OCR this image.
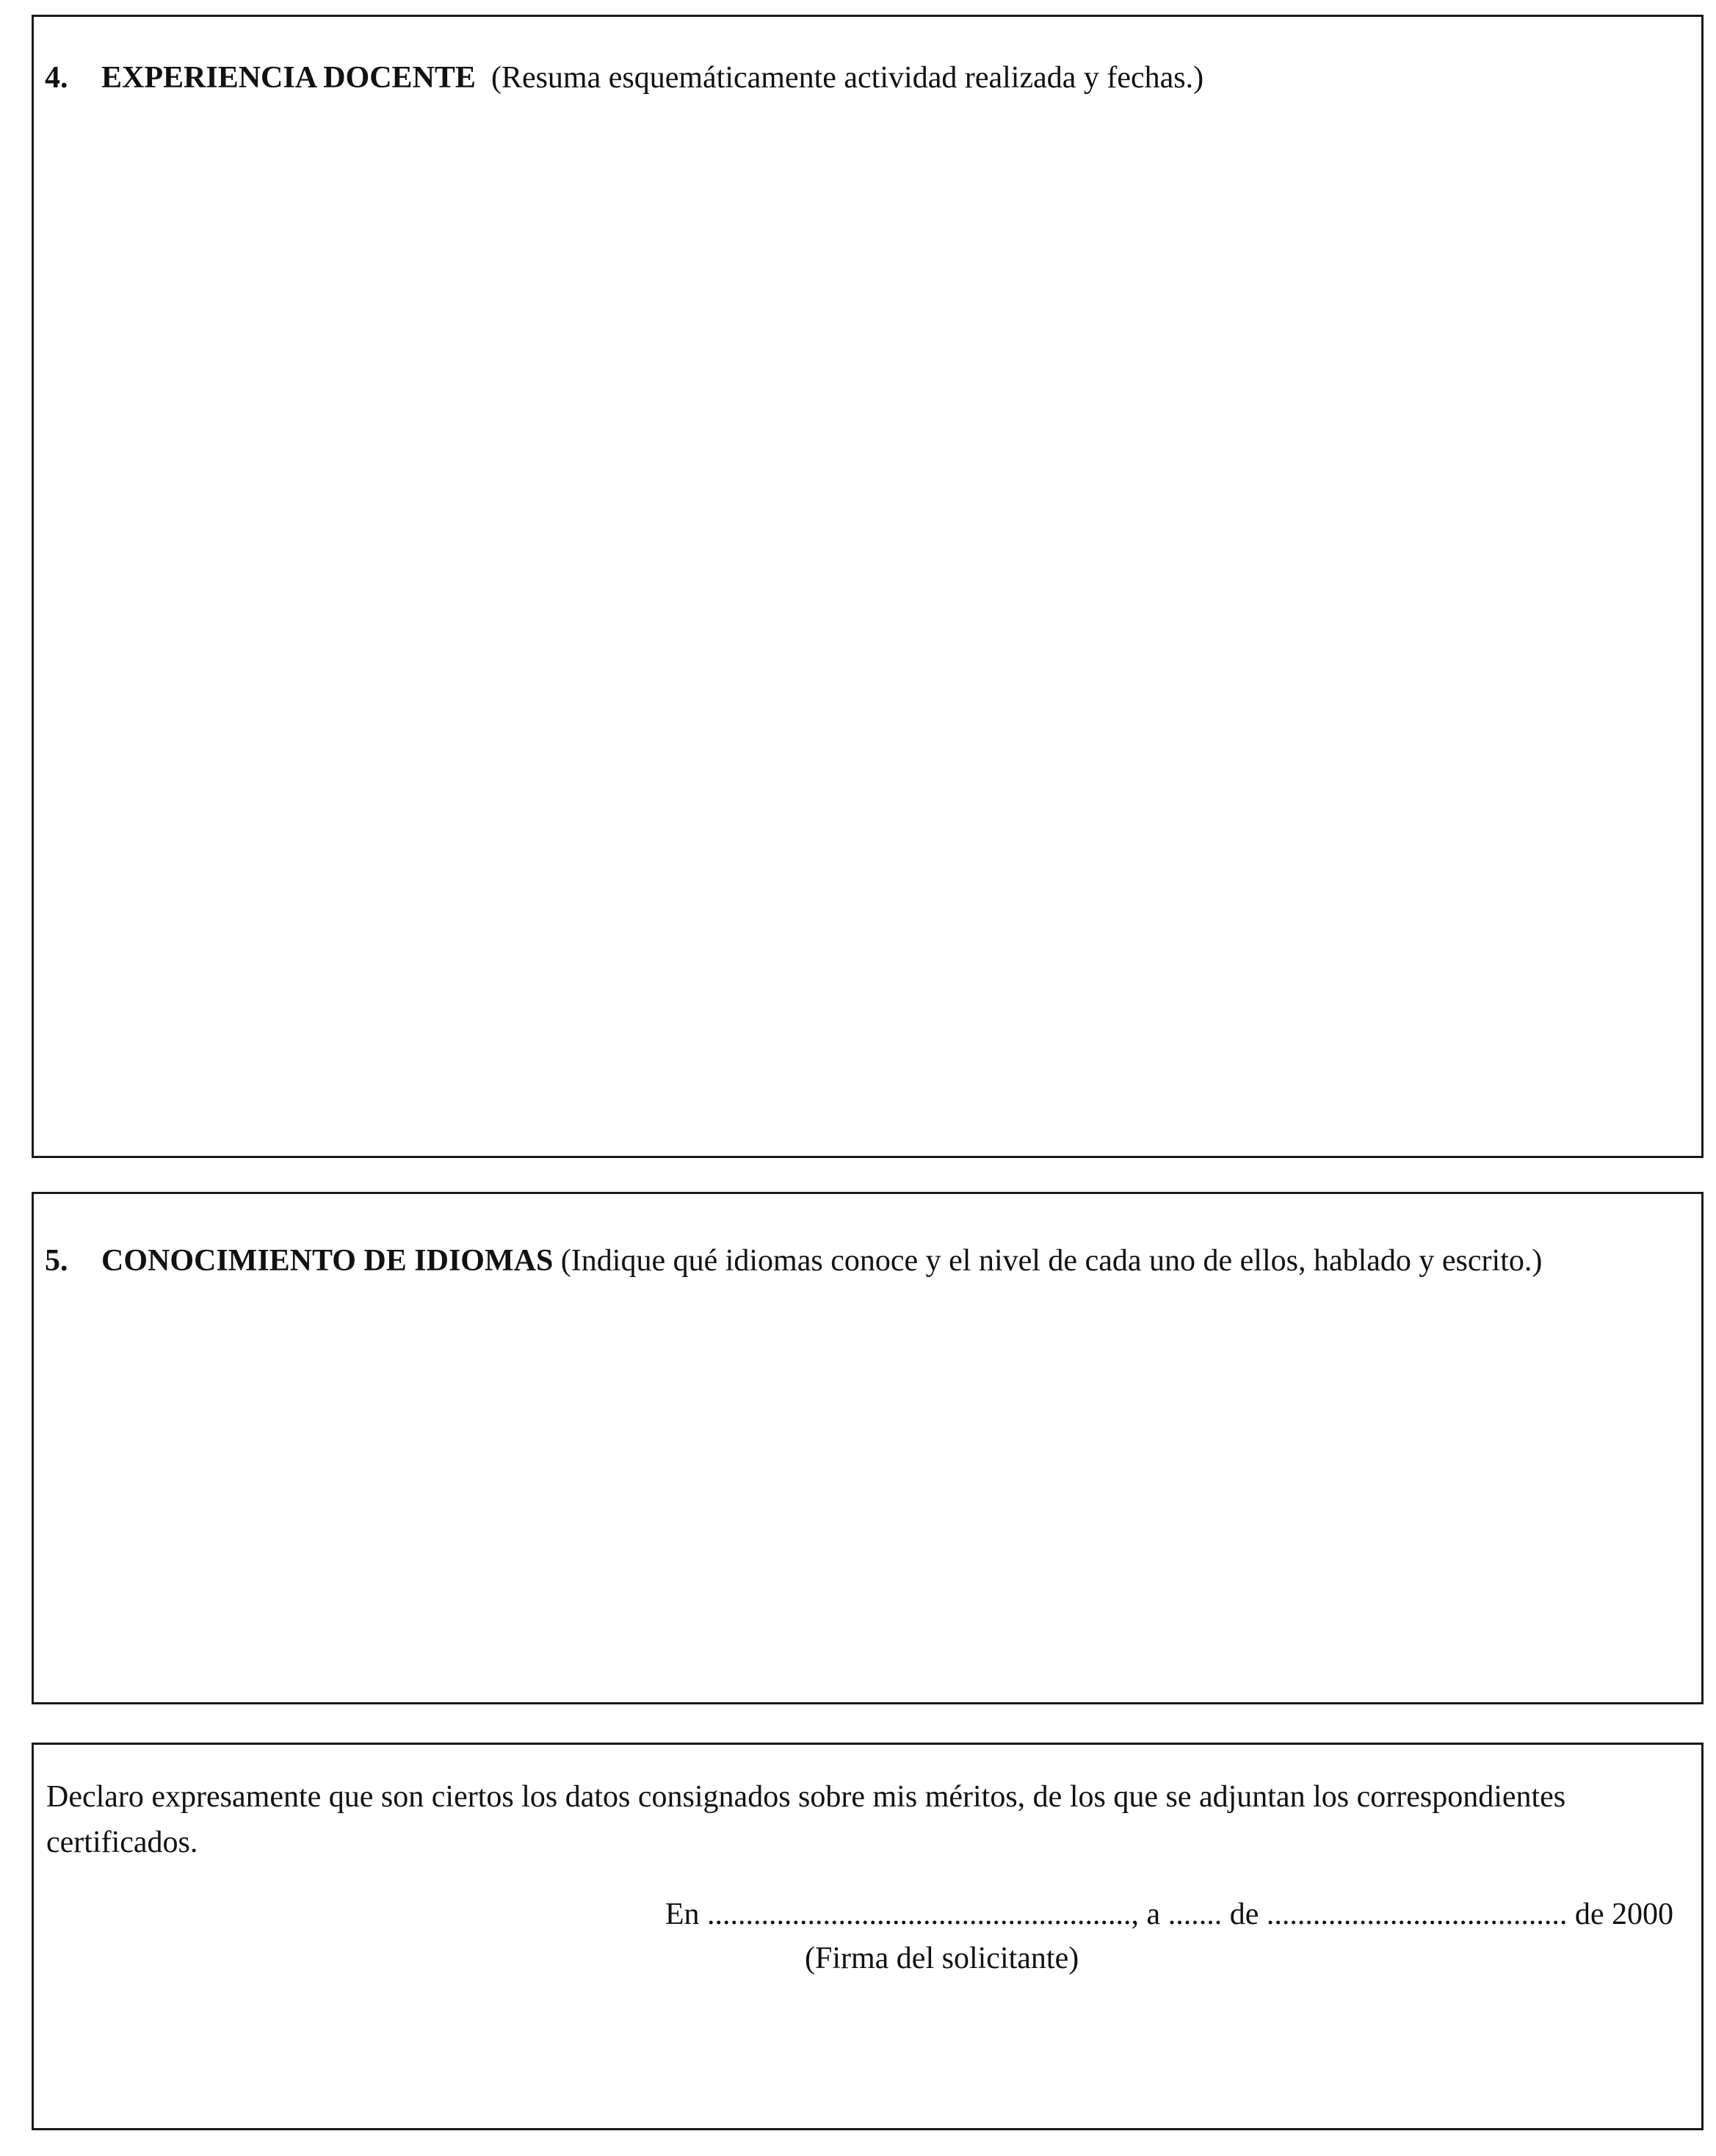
4.	EXPERIENCIA DOCENTE (Resuma esquemáticamente actividad realizada y fechas.)
5.	CONOCIMIENTO DE IDIOMAS (Indique qué idiomas conoce y el nivel de cada uno de ellos, hablado y escrito.)

Declaro expresamente que son ciertos los datos consignados sobre mis méritos, de los que se adjuntan los correspondientes certificados.

En ......................................................., a ....... de ....................................... de 2000
(Firma del solicitante)
